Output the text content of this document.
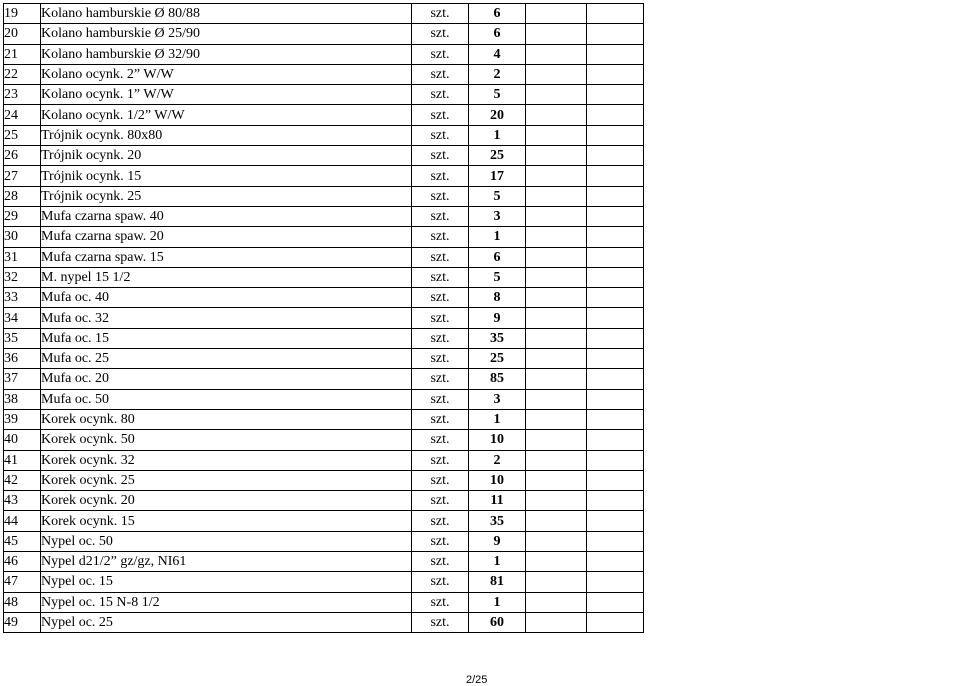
19	Kolano hamburskie Ø 80/88	szt.	6		
20	Kolano hamburskie Ø 25/90	szt.	6		
21	Kolano hamburskie Ø 32/90	szt.	4		
22	Kolano ocynk. 2” W/W	szt.	2		
23	Kolano ocynk. 1” W/W	szt.	5		
24	Kolano ocynk. 1/2” W/W	szt.	20		
25	Trójnik ocynk. 80x80	szt.	1		
26	Trójnik ocynk. 20	szt.	25		
27	Trójnik ocynk. 15	szt.	17		
28	Trójnik ocynk. 25	szt.	5		
29	Mufa czarna spaw. 40	szt.	3		
30	Mufa czarna spaw. 20	szt.	1		
31	Mufa czarna spaw. 15	szt.	6		
32	M. nypel 15 1/2	szt.	5		
33	Mufa oc. 40	szt.	8		
34	Mufa oc. 32	szt.	9		
35	Mufa oc. 15	szt.	35		
36	Mufa oc. 25	szt.	25		
37	Mufa oc. 20	szt.	85		
38	Mufa oc. 50	szt.	3		
39	Korek ocynk. 80	szt.	1		
40	Korek ocynk. 50	szt.	10		
41	Korek ocynk. 32	szt.	2		
42	Korek ocynk. 25	szt.	10		
43	Korek ocynk. 20	szt.	11		
44	Korek ocynk. 15	szt.	35		
45	Nypel oc. 50	szt.	9		
46	Nypel d21/2” gz/gz, NI61	szt.	1		
47	Nypel oc. 15	szt.	81		
48	Nypel oc. 15 N-8 1/2	szt.	1		
49	Nypel oc. 25	szt.	60		
2/25
